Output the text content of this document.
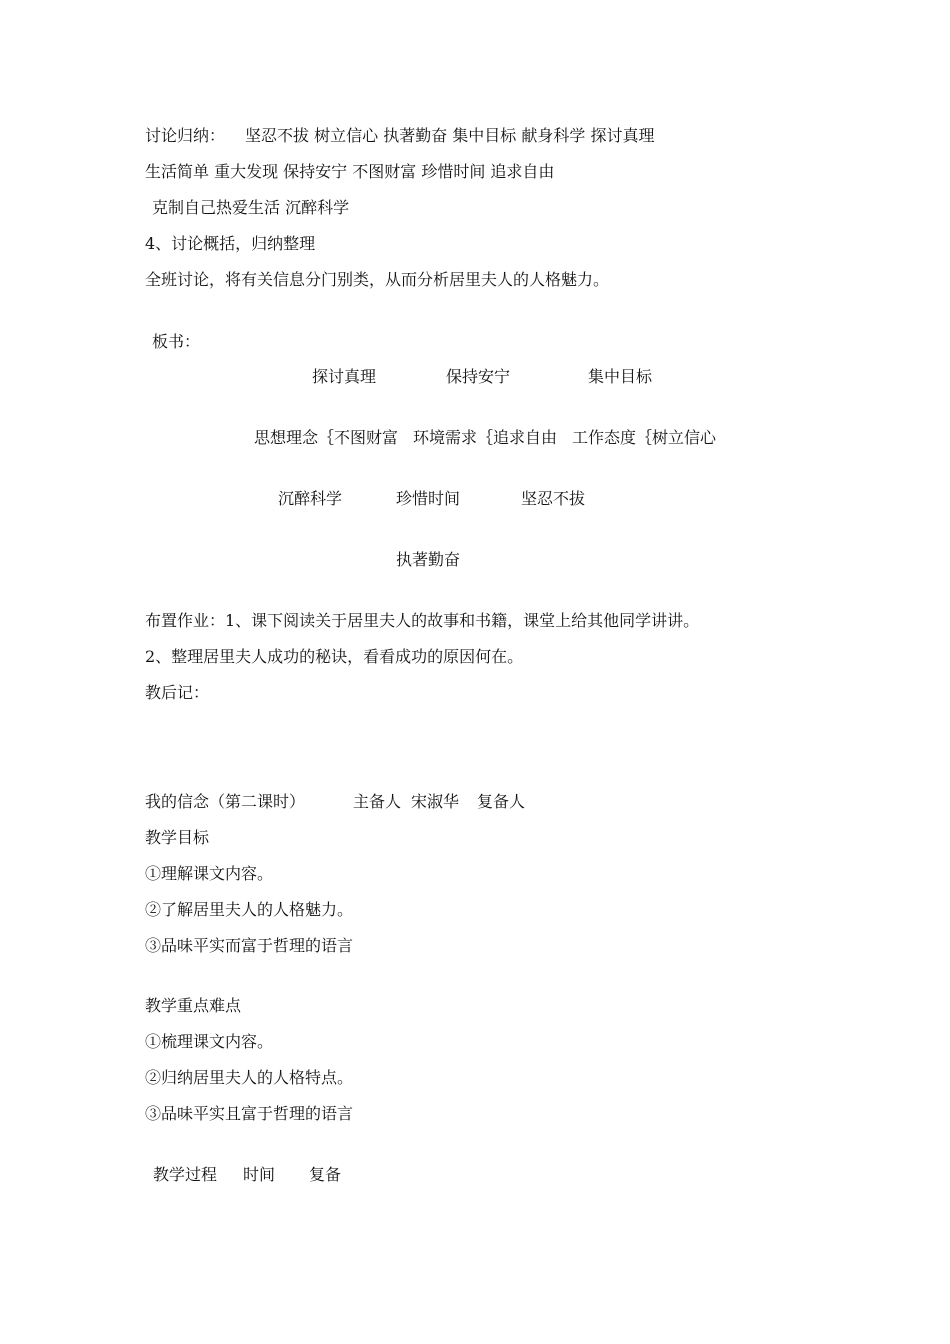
讨论归纳： 坚忍不拔 树立信心 执著勤奋 集中目标 献身科学 探讨真理
生活简单 重大发现 保持安宁 不图财富 珍惜时间 追求自由
克制自己热爱生活 沉醉科学
4、讨论概括，归纳整理
全班讨论，将有关信息分门别类，从而分析居里夫人的人格魅力。
板书：
探讨真理	保持安宁	集中目标
思想理念｛不图财富 环境需求｛追求自由 工作态度｛树立信心
沉醉科学	珍惜时间	坚忍不拔
执著勤奋
布置作业：1、课下阅读关于居里夫人的故事和书籍，课堂上给其他同学讲讲。
2、整理居里夫人成功的秘诀，看看成功的原因何在。
教后记：
我的信念（第二课时）	主备人 宋淑华 复备人
教学目标
①理解课文内容。
②了解居里夫人的人格魅力。
③品味平实而富于哲理的语言
教学重点难点
①梳理课文内容。
②归纳居里夫人的人格特点。
③品味平实且富于哲理的语言
教学过程 时间 复备
